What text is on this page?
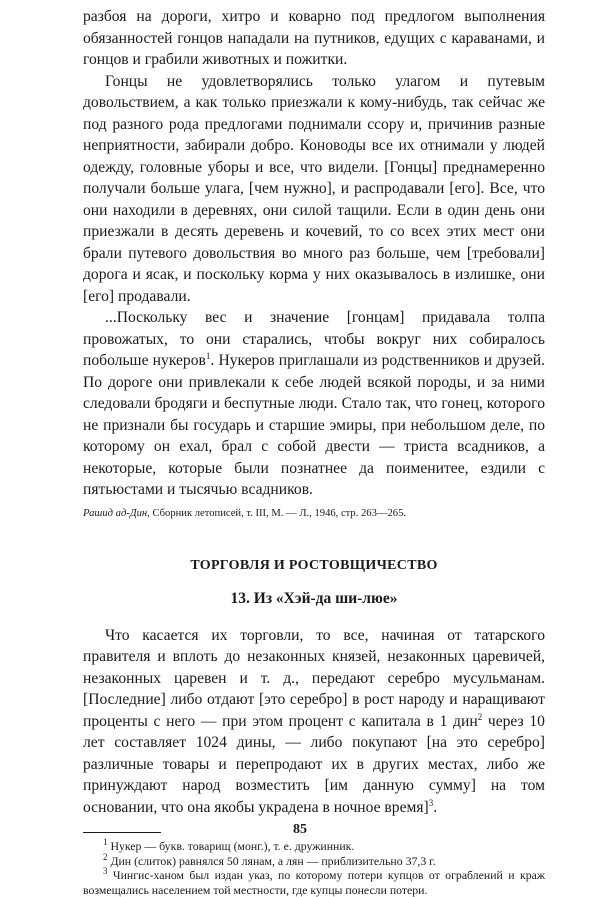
разбоя на дороги, хитро и коварно под предлогом выполнения обязанностей гонцов нападали на путников, едущих с караванами, и гонцов и грабили животных и пожитки.

Гонцы не удовлетворялись только улагом и путевым довольствием, а как только приезжали к кому-нибудь, так сейчас же под разного рода предлогами поднимали ссору и, причинив разные неприятности, забирали добро. Коноводы все их отнимали у людей одежду, головные уборы и все, что видели. [Гонцы] преднамеренно получали больше улага, [чем нужно], и распродавали [его]. Все, что они находили в деревнях, они силой тащили. Если в один день они приезжали в десять деревень и кочевий, то со всех этих мест они брали путевого довольствия во много раз больше, чем [требовали] дорога и ясак, и поскольку корма у них оказывалось в излишке, они [его] продавали.

...Поскольку вес и значение [гонцам] придавала толпа провожатых, то они старались, чтобы вокруг них собиралось побольше нукеров$^1$. Нукеров приглашали из родственников и друзей. По дороге они привлекали к себе людей всякой породы, и за ними следовали бродяги и беспутные люди. Стало так, что гонец, которого не признали бы государь и старшие эмиры, при небольшом деле, по которому он ехал, брал с собой двести — триста всадников, а некоторые, которые были познатнее да поименитее, ездили с пятьюстами и тысячью всадников.

Рашид ад-Дин, Сборник летописей, т. III, М. — Л., 1946, стр. 263—265.

ТОРГОВЛЯ И РОСТОВЩИЧЕСТВО
13. Из «Хэй-да ши-люе»

Что касается их торговли, то все, начиная от татарского правителя и вплоть до незаконных князей, незаконных царевичей, незаконных царевен и т. д., передают серебро мусульманам. [Последние] либо отдают [это серебро] в рост народу и наращивают проценты с него — при этом процент с капитала в 1 дин$^2$ через 10 лет составляет 1024 дины, — либо покупают [на это серебро] различные товары и перепродают их в других местах, либо же принуждают народ возместить [им данную сумму] на том основании, что она якобы украдена в ночное время]$^3$.

$^1$ Нукер — букв. товарищ (монг.), т. е. дружинник.

$^2$ Дин (слиток) равнялся 50 лянам, а лян — приблизительно 37,3 г.

$^3$ Чингис-ханом был издан указ, по которому потери купцов от ограблений и краж возмещались населением той местности, где купцы понесли потери.

85
